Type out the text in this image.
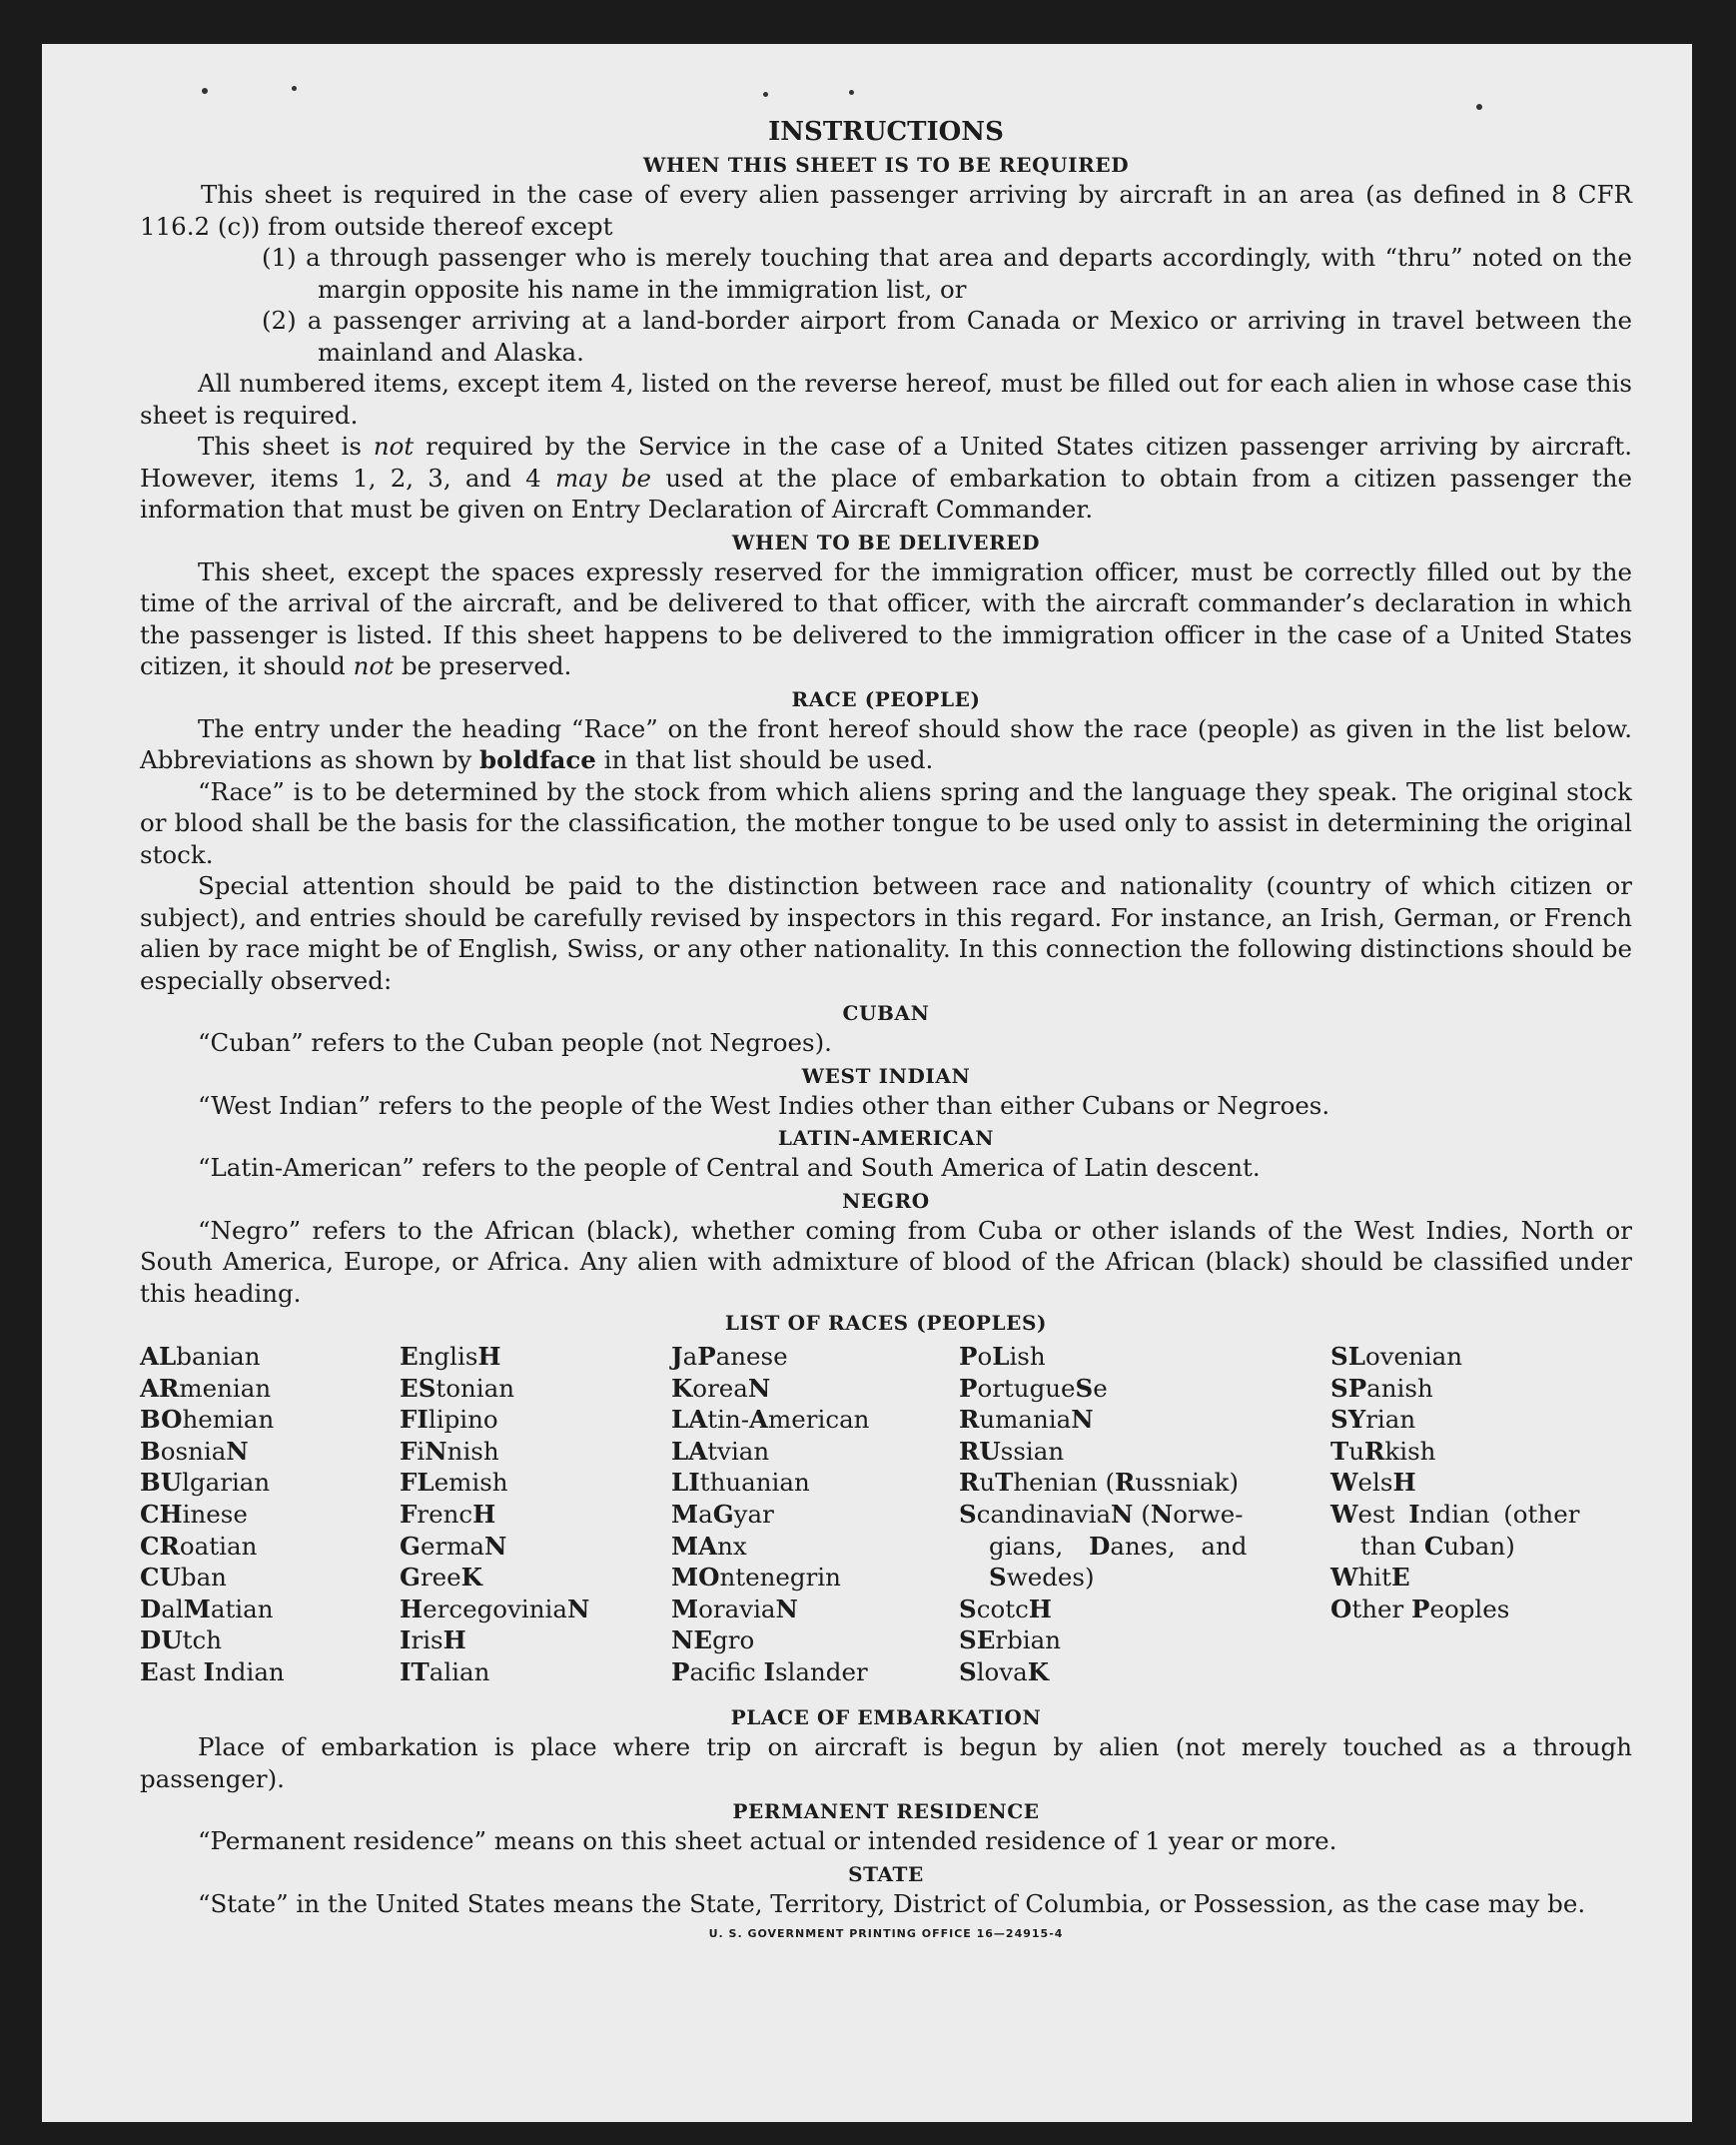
INSTRUCTIONS

WHEN THIS SHEET IS TO BE REQUIRED

This sheet is required in the case of every alien passenger arriving by aircraft in an area (as defined in 8 CFR 116.2 (c)) from outside thereof except

(1) a through passenger who is merely touching that area and departs accordingly, with “thru” noted on the margin opposite his name in the immigration list, or

(2) a passenger arriving at a land-border airport from Canada or Mexico or arriving in travel between the mainland and Alaska.

All numbered items, except item 4, listed on the reverse hereof, must be filled out for each alien in whose case this sheet is required.

This sheet is not required by the Service in the case of a United States citizen passenger arriving by aircraft. However, items 1, 2, 3, and 4 may be used at the place of embarkation to obtain from a citizen passenger the information that must be given on Entry Declaration of Aircraft Commander.

WHEN TO BE DELIVERED

This sheet, except the spaces expressly reserved for the immigration officer, must be correctly filled out by the time of the arrival of the aircraft, and be delivered to that officer, with the aircraft commander’s declaration in which the passenger is listed. If this sheet happens to be delivered to the immigration officer in the case of a United States citizen, it should not be preserved.

RACE (PEOPLE)

The entry under the heading “Race” on the front hereof should show the race (people) as given in the list below. Abbreviations as shown by boldface in that list should be used.

“Race” is to be determined by the stock from which aliens spring and the language they speak. The original stock or blood shall be the basis for the classification, the mother tongue to be used only to assist in determining the original stock.

Special attention should be paid to the distinction between race and nationality (country of which citizen or subject), and entries should be carefully revised by inspectors in this regard. For instance, an Irish, German, or French alien by race might be of English, Swiss, or any other nationality. In this connection the following distinctions should be especially observed:

CUBAN

“Cuban” refers to the Cuban people (not Negroes).

WEST INDIAN

“West Indian” refers to the people of the West Indies other than either Cubans or Negroes.

LATIN-AMERICAN

“Latin-American” refers to the people of Central and South America of Latin descent.

NEGRO

“Negro” refers to the African (black), whether coming from Cuba or other islands of the West Indies, North or South America, Europe, or Africa. Any alien with admixture of blood of the African (black) should be classified under this heading.

LIST OF RACES (PEOPLES)

ALbanian
ARmenian
BOhemian
BosniaN
BUlgarian
CHinese
CRoatian
CUban
DalMatian
DUtch
East Indian
EnglisH
EStonian
FIlipino
FiNnish
FLemish
FrencH
GermaN
GreeK
HercegoviniaN
IrisH
ITalian
JaPanese
KoreaN
LAtin-American
LAtvian
LIthuanian
MaGyar
MAnx
MOntenegrin
MoraviaN
NEgro
Pacifc Islander
PoLish
PortugueSe
RumaniaN
RUssian
RuThenian (Russniak)
ScandinaviaN (Norwe-
gians, Danes, and
Swedes)
ScotcH
SErbian
SlovaK
SLovenian
SPanish
SYrian
TuRkish
WelsH
West Indian (other
than Cuban)
WhitE
Other Peoples

PLACE OF EMBARKATION

Place of embarkation is place where trip on aircraft is begun by alien (not merely touched as a through passenger).

PERMANENT RESIDENCE

“Permanent residence” means on this sheet actual or intended residence of 1 year or more.

STATE

“State” in the United States means the State, Territory, District of Columbia, or Possession, as the case may be.

U. S. GOVERNMENT PRINTING OFFICE 16—24915-4
